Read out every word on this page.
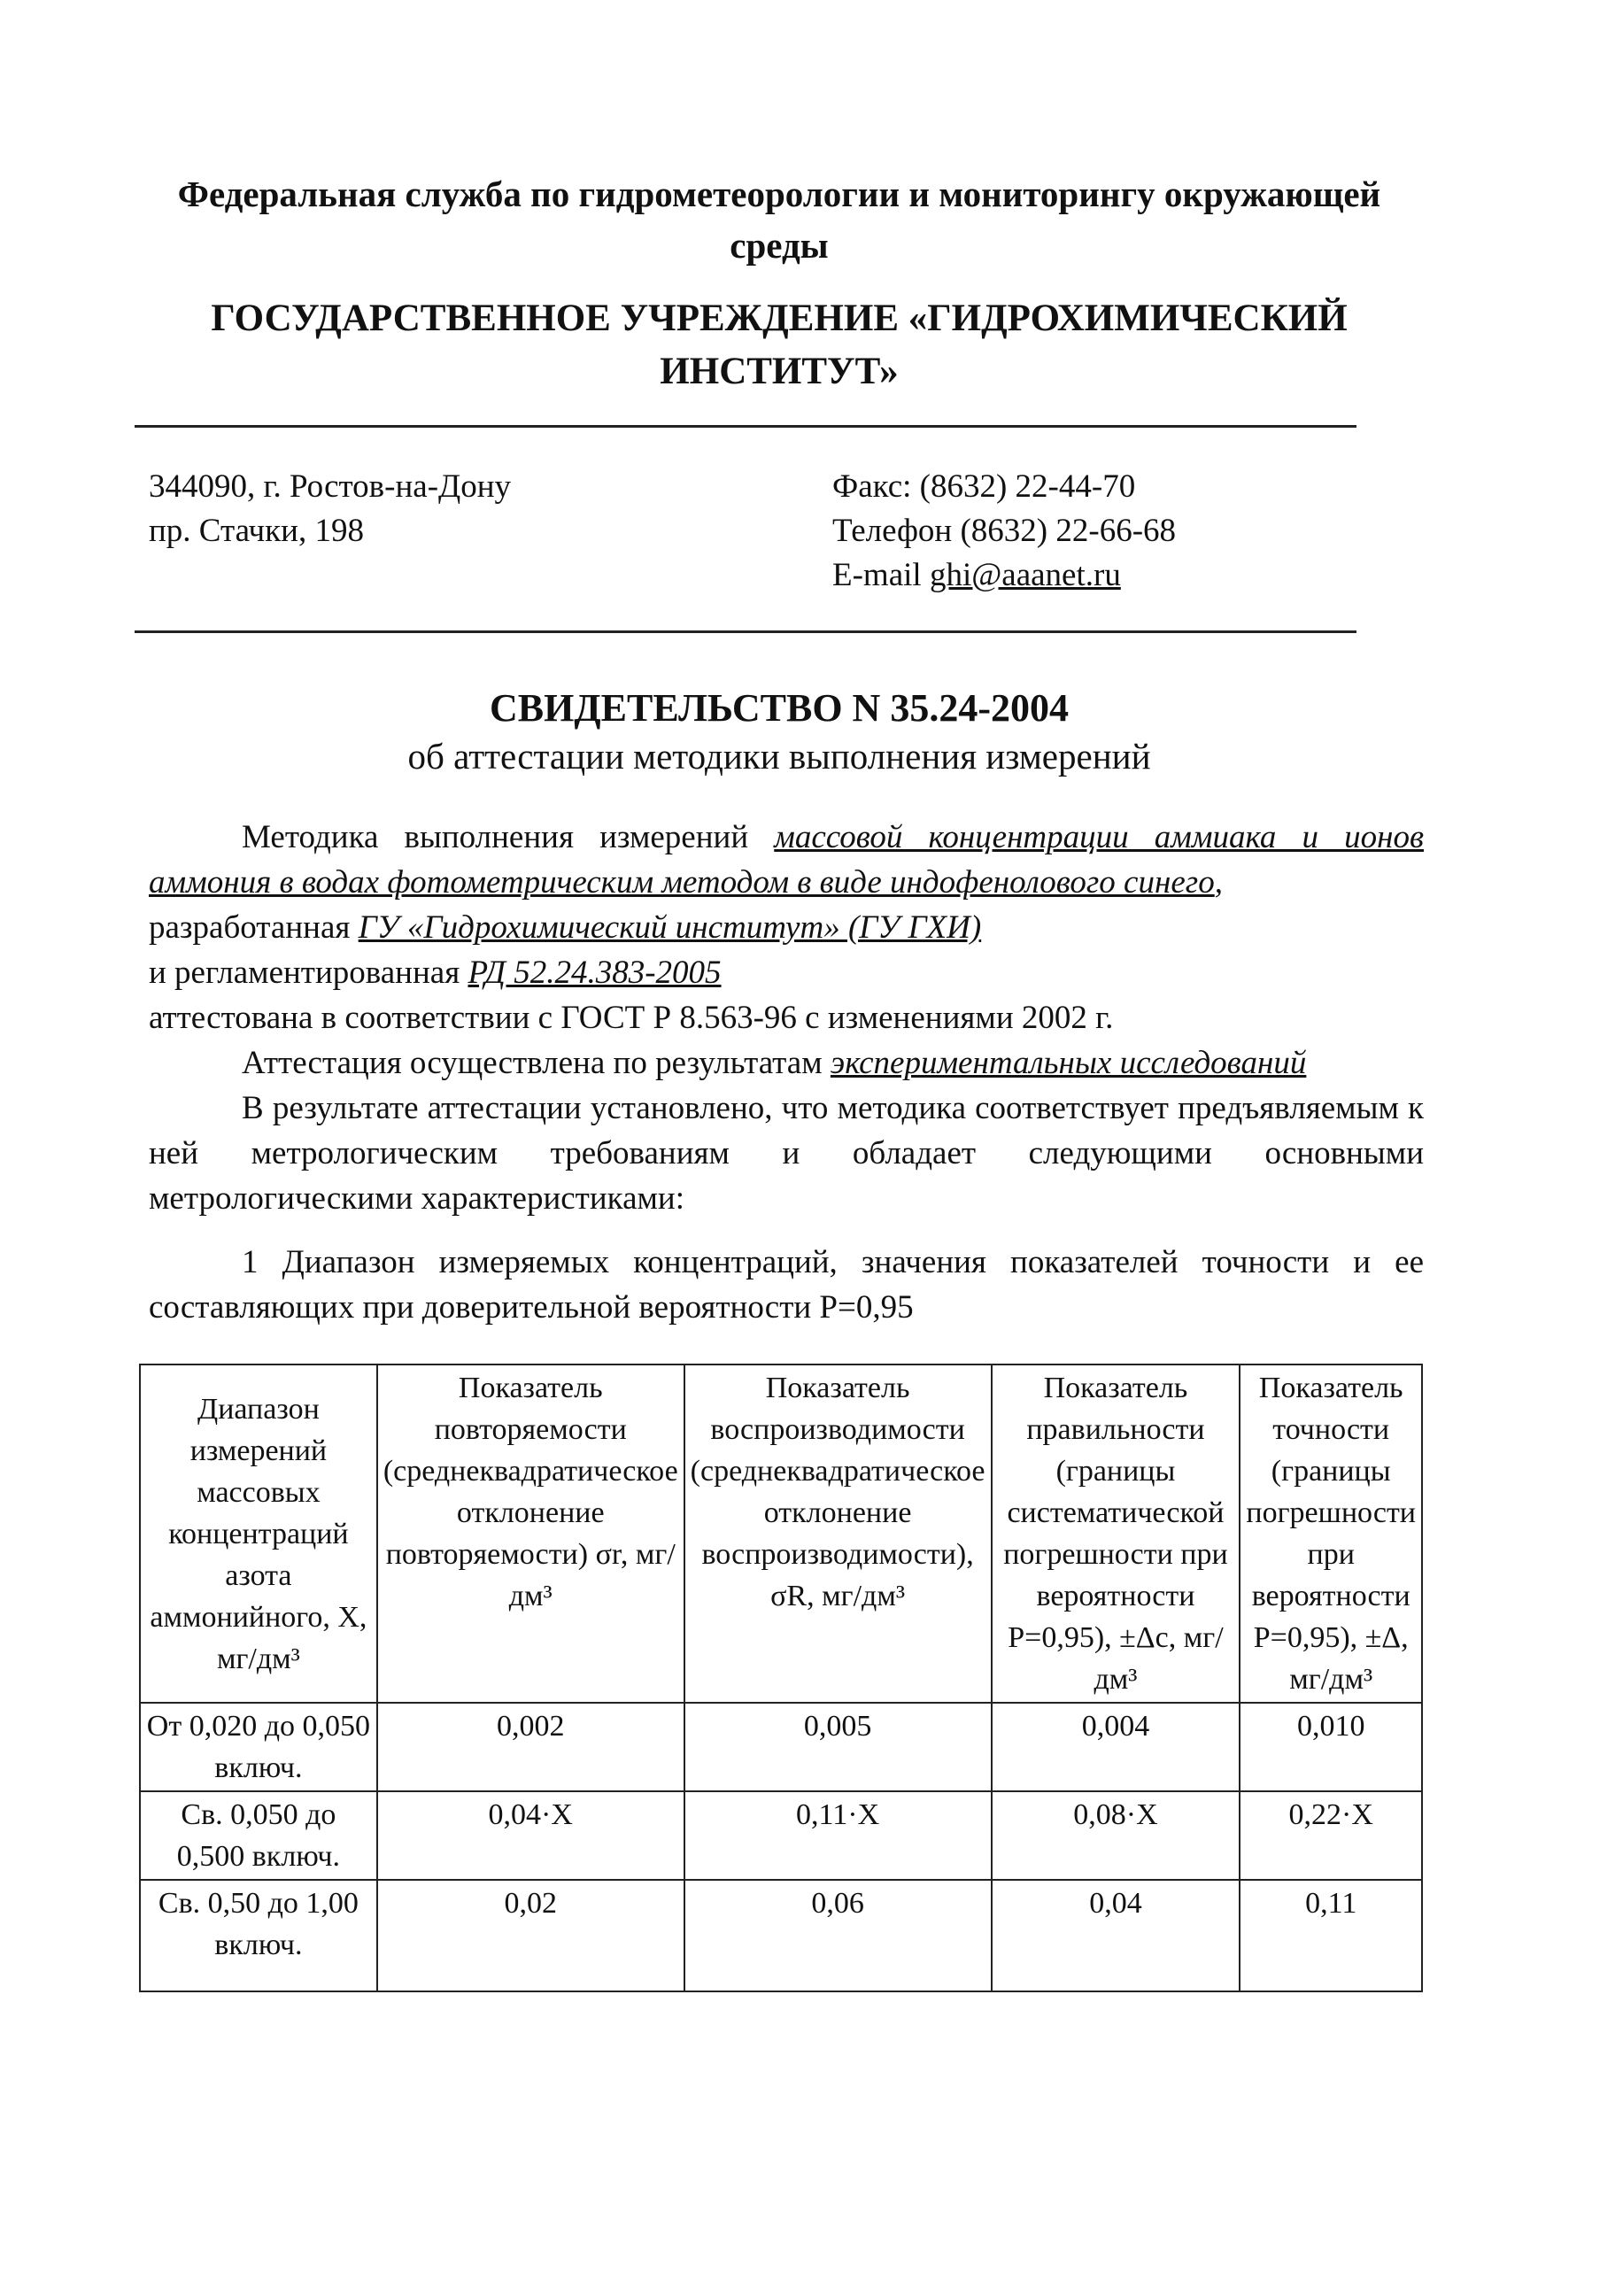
Федеральная служба по гидрометеорологии и мониторингу окружающей среды
ГОСУДАРСТВЕННОЕ УЧРЕЖДЕНИЕ «ГИДРОХИМИЧЕСКИЙ ИНСТИТУТ»
344090, г. Ростов-на-Дону
пр. Стачки, 198
Факс: (8632) 22-44-70
Телефон (8632) 22-66-68
E-mail ghi@aaanet.ru
СВИДЕТЕЛЬСТВО N 35.24-2004
об аттестации методики выполнения измерений
Методика выполнения измерений массовой концентрации аммиака и ионов аммония в водах фотометрическим методом в виде индофенолового синего,
разработанная ГУ «Гидрохимический институт» (ГУ ГХИ)
и регламентированная РД 52.24.383-2005
аттестована в соответствии с ГОСТ Р 8.563-96 с изменениями 2002 г.
Аттестация осуществлена по результатам экспериментальных исследований
В результате аттестации установлено, что методика соответствует предъявляемым к ней метрологическим требованиям и обладает следующими основными метрологическими характеристиками:
1 Диапазон измеряемых концентраций, значения показателей точности и ее составляющих при доверительной вероятности Р=0,95
Диапазон измерений массовых концентраций азота аммонийного, X, мг/дм³	Показатель повторяемости (среднеквадратическое отклонение повторяемости) σr, мг/дм³	Показатель воспроизводимости (среднеквадратическое отклонение воспроизводимости), σR, мг/дм³	Показатель правильности (границы систематической погрешности при вероятности Р=0,95), ±Δс, мг/дм³	Показатель точности (границы погрешности при вероятности Р=0,95), ±Δ, мг/дм³
От 0,020 до 0,050 включ.	0,002	0,005	0,004	0,010
Св. 0,050 до 0,500 включ.	0,04·X	0,11·X	0,08·X	0,22·X
Св. 0,50 до 1,00 включ.	0,02	0,06	0,04	0,11
